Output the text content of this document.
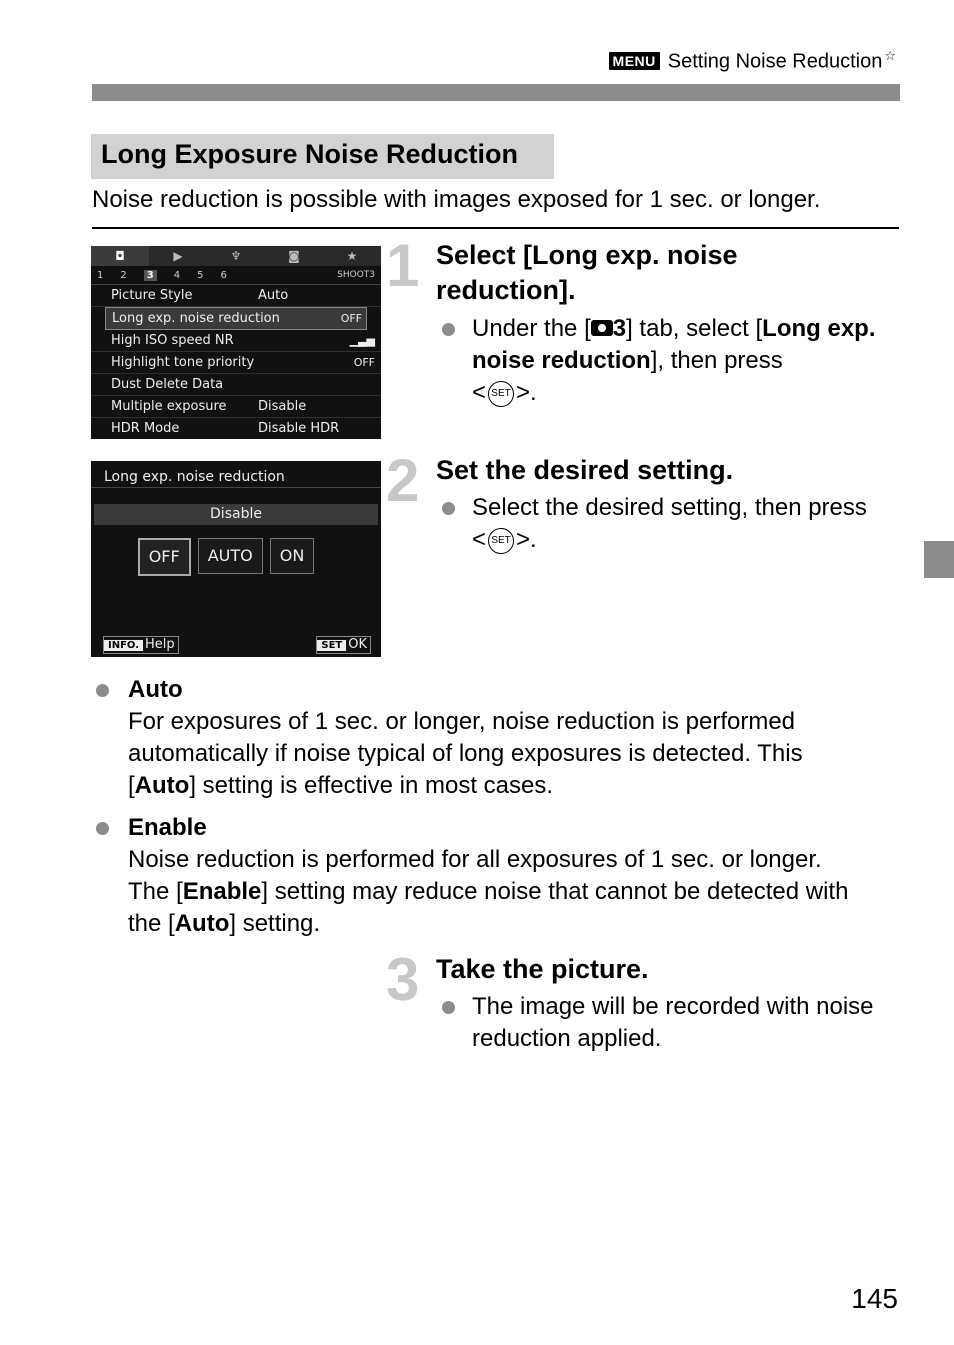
MENU Setting Noise Reduction ☆
Long Exposure Noise Reduction
Noise reduction is possible with images exposed for 1 sec. or longer.
◘	▶	♆	◙	★
1 2	3	4 5 6	SHOOT3
Picture Style	Auto
Long exp. noise reduction	OFF
High ISO speed NR	▁▃▅
Highlight tone priority	OFF
Dust Delete Data
Multiple exposure	Disable
HDR Mode	Disable HDR
Long exp. noise reduction
Disable
OFF	AUTO	ON
INFO. Help	SET OK
1 Select [Long exp. noise reduction].
Under the [ 3] tab, select [Long exp. noise reduction], then press
< SET >.
2 Set the desired setting.
Select the desired setting, then press
< SET >.
Auto
For exposures of 1 sec. or longer, noise reduction is performed
automatically if noise typical of long exposures is detected. This
[Auto] setting is effective in most cases.
Enable
Noise reduction is performed for all exposures of 1 sec. or longer.
The [Enable] setting may reduce noise that cannot be detected with
the [Auto] setting.
3 Take the picture.
The image will be recorded with noise
reduction applied.
145
